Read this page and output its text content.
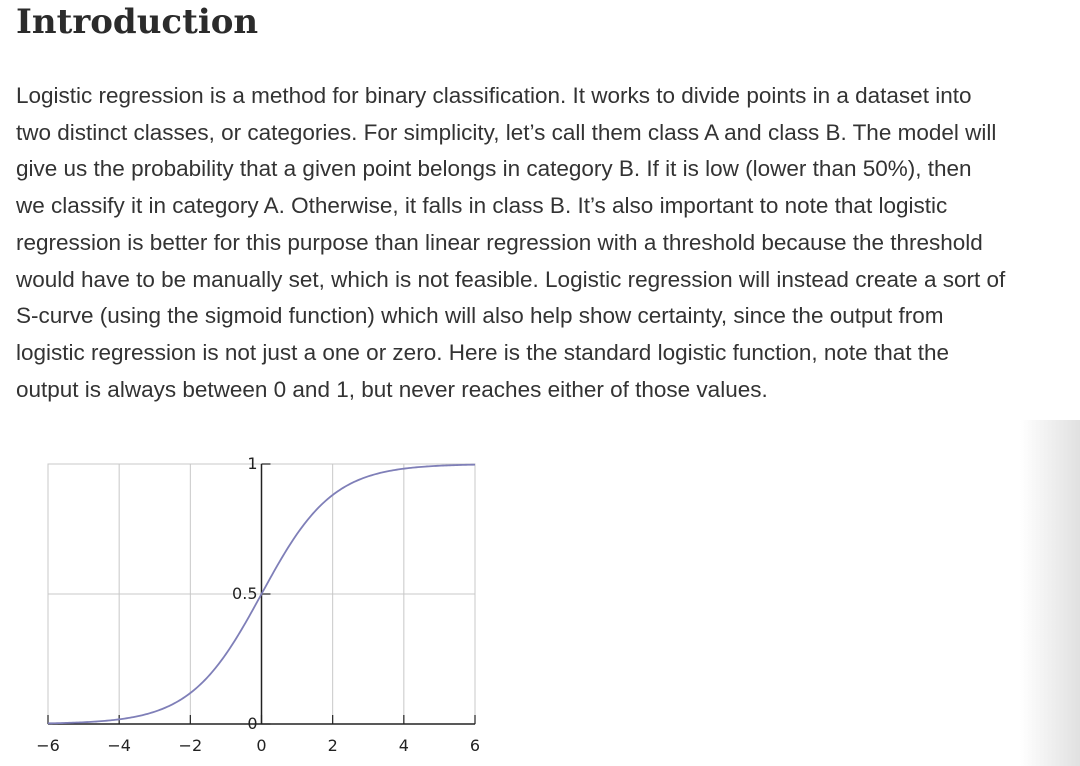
Introduction

Logistic regression is a method for binary classification. It works to divide points in a dataset into
two distinct classes, or categories. For simplicity, let’s call them class A and class B. The model will
give us the probability that a given point belongs in category B. If it is low (lower than 50%), then
we classify it in category A. Otherwise, it falls in class B. It’s also important to note that logistic
regression is better for this purpose than linear regression with a threshold because the threshold
would have to be manually set, which is not feasible. Logistic regression will instead create a sort of
S-curve (using the sigmoid function) which will also help show certainty, since the output from
logistic regression is not just a one or zero. Here is the standard logistic function, note that the
output is always between 0 and 1, but never reaches either of those values.

−6	−4	−2	0	2	4	6
0
0.5
1
